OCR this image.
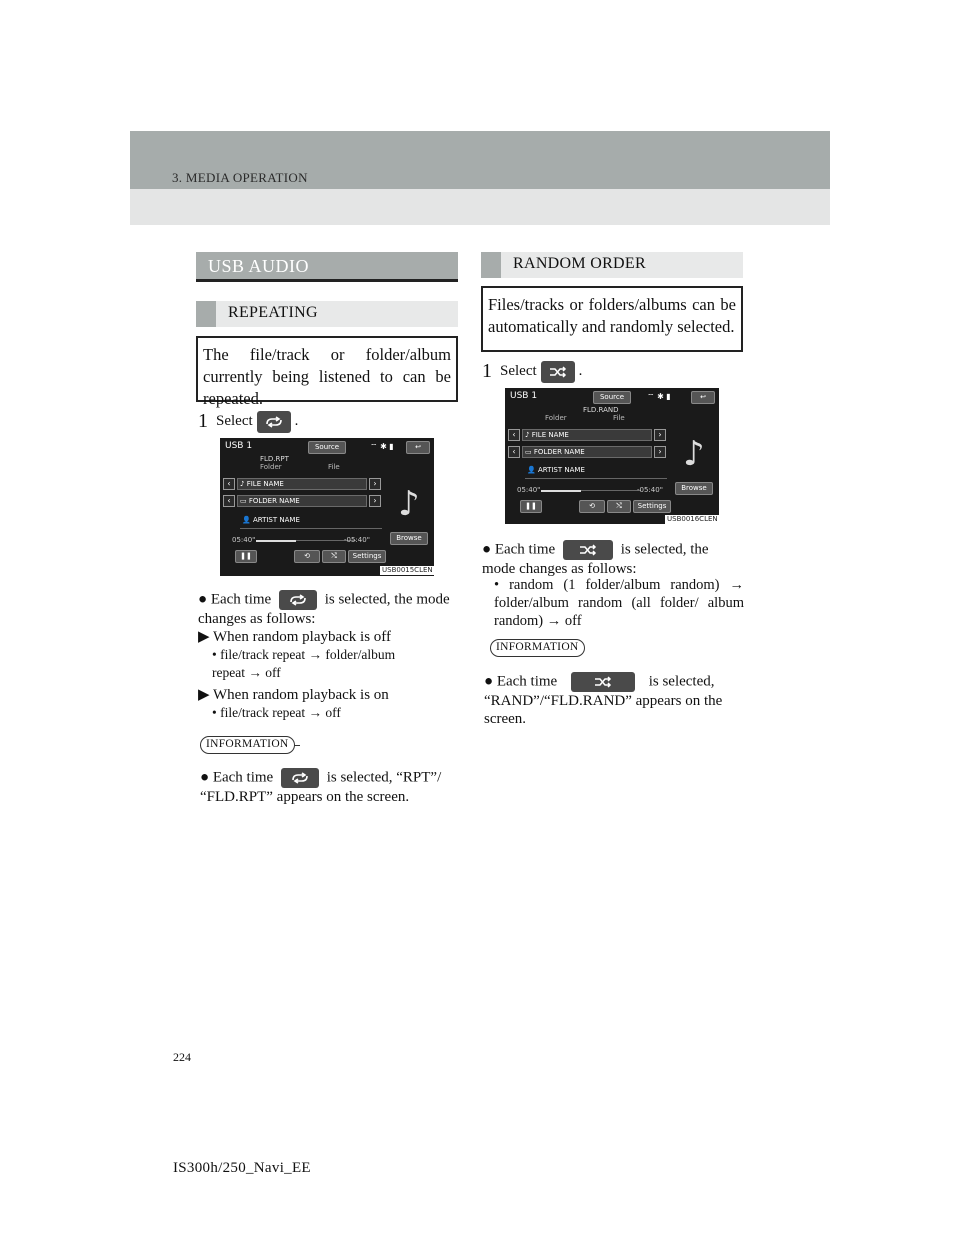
3. MEDIA OPERATION
USB AUDIO
REPEATING
The file/track or folder/album currently being listened to can be repeated.
1 Select	.
USB 1	Source	⌔ ✱ ▮	↩
FLD.RPT
Folder	File
‹	♪ FILE NAME	›
‹	▭ FOLDER NAME	›
👤 ARTIST NAME	♪
Browse
05:40"	-05:40"
❚❚	⟲	⤭	Settings
USB0015CLEN
● Each time	is selected, the mode changes as follows:
▶ When random playback is off
• file/track repeat → folder/album repeat → off
▶ When random playback is on
• file/track repeat → off
INFORMATION
● Each time	is selected, “RPT”/ “FLD.RPT” appears on the screen.
RANDOM ORDER
Files/tracks or folders/albums can be automatically and randomly selected.
1 Select	.
USB 1	Source	⌔ ✱ ▮	↩
FLD.RAND
Folder	File
‹	♪ FILE NAME	›
‹	▭ FOLDER NAME	›
👤 ARTIST NAME	♪
Browse
05:40"	-05:40"
❚❚	⟲	⤭	Settings
USB0016CLEN
● Each time	is selected, the mode changes as follows:
• random (1 folder/album random) → folder/album random (all folder/ album random) → off
INFORMATION
● Each time	is selected, “RAND”/“FLD.RAND” appears on the screen.
224
IS300h/250_Navi_EE
